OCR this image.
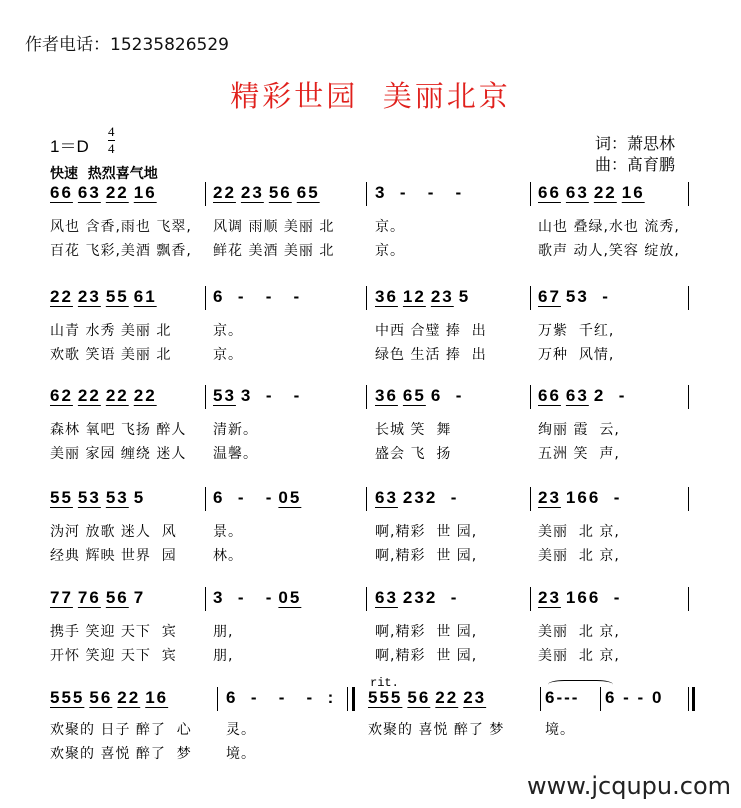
作者电话：15235826529
精彩世园  美丽北京
1＝D
4
4	词：萧思林
曲：髙育鹏
快速  热烈喜气地
rit.
66 63 22 16
风也 含香,雨也 飞翠,
百花 飞彩,美酒 飘香,
22 23 56 65
风调 雨顺 美丽 北
鲜花 美酒 美丽 北
3  -   -   -
京。
京。
66 63 22 16
山也 叠绿,水也 流秀,
歌声 动人,笑容 绽放,
22 23 55 61
山青 水秀 美丽 北
欢歌 笑语 美丽 北
6  -   -   -
京。
京。
36 12 23 5
中西 合璧 捧  出
绿色 生活 捧  出
67 53  -
万紫  千红,
万种  风情,
62 22 22 22
森林 氧吧 飞扬 醉人
美丽 家园 缠绕 迷人
53 3  -   -
清新。
温馨。
36 65 6  -
长城 笑  舞
盛会 飞  扬
66 63 2  -
绚丽 霞  云,
五洲 笑  声,
55 53 53 5
沩河 放歌 迷人  风
经典 辉映 世界  园
6  -   - 05
景。
林。
63 232  -
啊,精彩  世 园,
啊,精彩  世 园,
23 166  -
美丽  北 京,
美丽  北 京,
77 76 56 7
携手 笑迎 天下  宾
开怀 笑迎 天下  宾
3  -   - 05
朋,
朋,
63 232  -
啊,精彩  世 园,
啊,精彩  世 园,
23 166  -
美丽  北 京,
美丽  北 京,
555 56 22 16
欢聚的 日子 醉了  心
欢聚的 喜悦 醉了  梦
6  -   -   -  :
灵。
境。
555 56 22 23
欢聚的 喜悦 醉了 梦
6---
境。
6 - - 0
www.jcqupu.com
